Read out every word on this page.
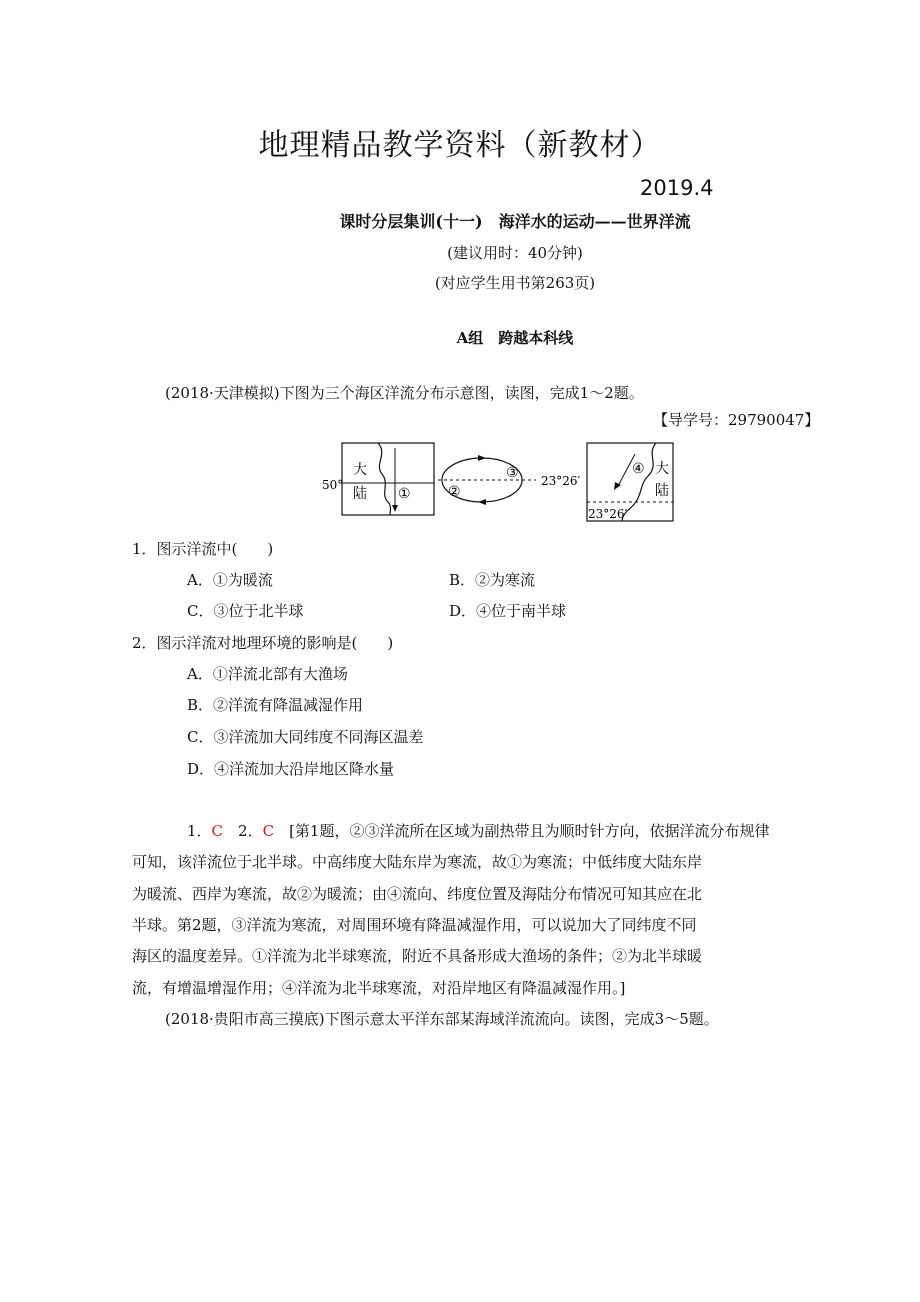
地理精品教学资料（新教材）
2019.4
课时分层集训(十一)　海洋水的运动——世界洋流
(建议用时：40分钟)
(对应学生用书第263页)
A组　跨越本科线
(2018·天津模拟)下图为三个海区洋流分布示意图，读图，完成1～2题。
【导学号：29790047】
大
陆
50°
①	②
③ 23°26′
④ 大
陆
23°26′
1．图示洋流中(　　)
A．①为暖流	B．②为寒流
C．③位于北半球	D．④位于南半球
2．图示洋流对地理环境的影响是(　　)
A．①洋流北部有大渔场
B．②洋流有降温减湿作用
C．③洋流加大同纬度不同海区温差
D．④洋流加大沿岸地区降水量
1．C　2．C　[第1题，②③洋流所在区域为副热带且为顺时针方向，依据洋流分布规律
可知，该洋流位于北半球。中高纬度大陆东岸为寒流，故①为寒流；中低纬度大陆东岸
为暖流、西岸为寒流，故②为暖流；由④流向、纬度位置及海陆分布情况可知其应在北
半球。第2题，③洋流为寒流，对周围环境有降温减湿作用，可以说加大了同纬度不同
海区的温度差异。①洋流为北半球寒流，附近不具备形成大渔场的条件；②为北半球暖
流，有增温增湿作用；④洋流为北半球寒流，对沿岸地区有降温减湿作用。]
(2018·贵阳市高三摸底)下图示意太平洋东部某海域洋流流向。读图，完成3～5题。
